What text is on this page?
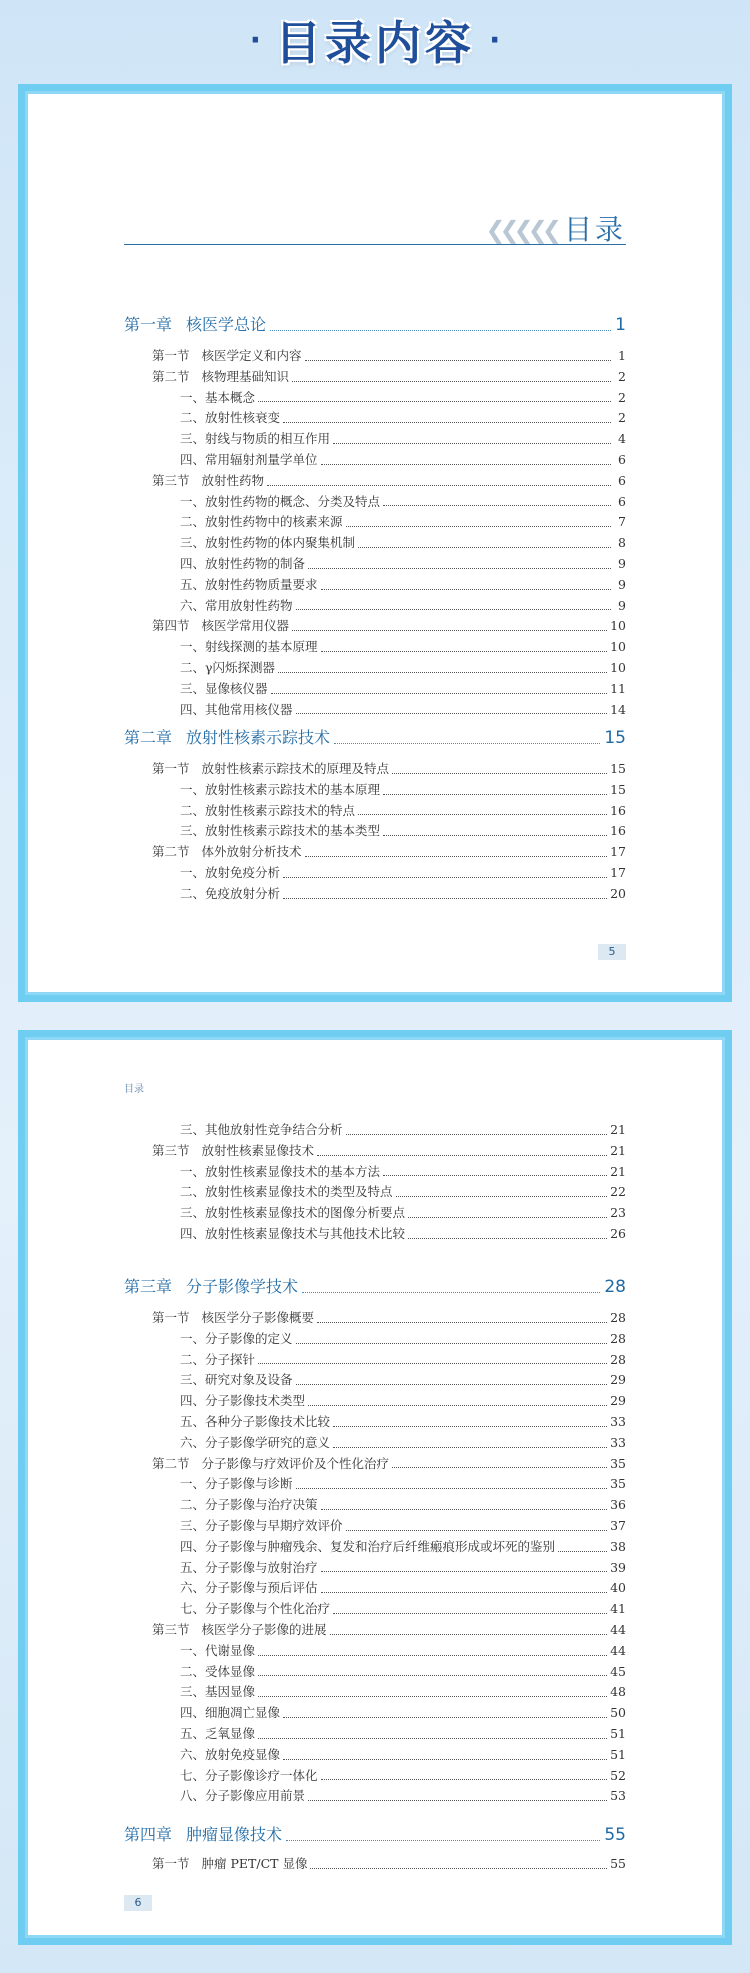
· 目录内容 ·
❮❮❮❮❮ 目录
第一章 核医学总论	1
第一节 核医学定义和内容	1
第二节 核物理基础知识	2
一、基本概念	2
二、放射性核衰变	2
三、射线与物质的相互作用	4
四、常用辐射剂量学单位	6
第三节 放射性药物	6
一、放射性药物的概念、分类及特点	6
二、放射性药物中的核素来源	7
三、放射性药物的体内聚集机制	8
四、放射性药物的制备	9
五、放射性药物质量要求	9
六、常用放射性药物	9
第四节 核医学常用仪器	10
一、射线探测的基本原理	10
二、γ闪烁探测器	10
三、显像核仪器	11
四、其他常用核仪器	14
第二章 放射性核素示踪技术	15
第一节 放射性核素示踪技术的原理及特点	15
一、放射性核素示踪技术的基本原理	15
二、放射性核素示踪技术的特点	16
三、放射性核素示踪技术的基本类型	16
第二节 体外放射分析技术	17
一、放射免疫分析	17
二、免疫放射分析	20
5
目录
三、其他放射性竞争结合分析	21
第三节 放射性核素显像技术	21
一、放射性核素显像技术的基本方法	21
二、放射性核素显像技术的类型及特点	22
三、放射性核素显像技术的图像分析要点	23
四、放射性核素显像技术与其他技术比较	26
第三章 分子影像学技术	28
第一节 核医学分子影像概要	28
一、分子影像的定义	28
二、分子探针	28
三、研究对象及设备	29
四、分子影像技术类型	29
五、各种分子影像技术比较	33
六、分子影像学研究的意义	33
第二节 分子影像与疗效评价及个性化治疗	35
一、分子影像与诊断	35
二、分子影像与治疗决策	36
三、分子影像与早期疗效评价	37
四、分子影像与肿瘤残余、复发和治疗后纤维瘢痕形成或坏死的鉴别	38
五、分子影像与放射治疗	39
六、分子影像与预后评估	40
七、分子影像与个性化治疗	41
第三节 核医学分子影像的进展	44
一、代谢显像	44
二、受体显像	45
三、基因显像	48
四、细胞凋亡显像	50
五、乏氧显像	51
六、放射免疫显像	51
七、分子影像诊疗一体化	52
八、分子影像应用前景	53
第四章 肿瘤显像技术	55
第一节 肿瘤 PET/CT 显像	55
6
